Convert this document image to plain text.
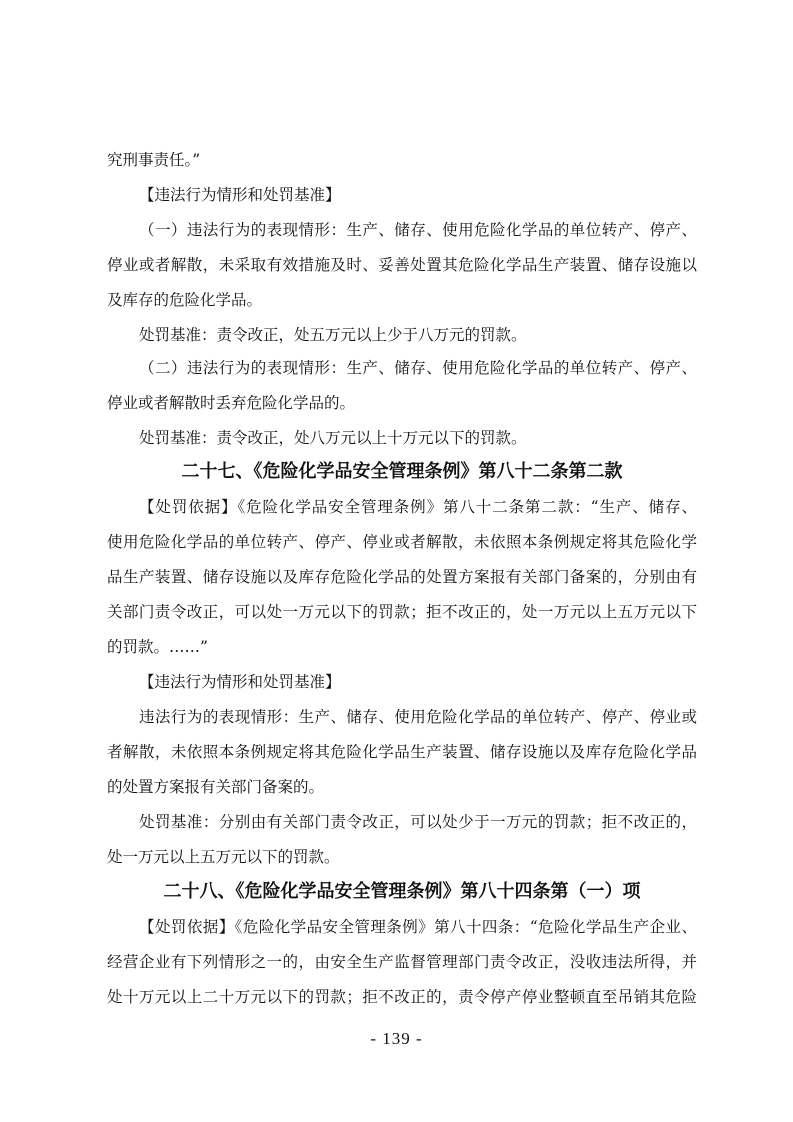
究刑事责任。”
【违法行为情形和处罚基准】
（一）违法行为的表现情形：生产、储存、使用危险化学品的单位转产、停产、
停业或者解散，未采取有效措施及时、妥善处置其危险化学品生产装置、储存设施以
及库存的危险化学品。
处罚基准：责令改正，处五万元以上少于八万元的罚款。
（二）违法行为的表现情形：生产、储存、使用危险化学品的单位转产、停产、
停业或者解散时丢弃危险化学品的。
处罚基准：责令改正，处八万元以上十万元以下的罚款。
二十七、《危险化学品安全管理条例》第八十二条第二款
【处罚依据】《危险化学品安全管理条例》第八十二条第二款：“生产、储存、
使用危险化学品的单位转产、停产、停业或者解散，未依照本条例规定将其危险化学
品生产装置、储存设施以及库存危险化学品的处置方案报有关部门备案的，分别由有
关部门责令改正，可以处一万元以下的罚款；拒不改正的，处一万元以上五万元以下
的罚款。……”
【违法行为情形和处罚基准】
违法行为的表现情形：生产、储存、使用危险化学品的单位转产、停产、停业或
者解散，未依照本条例规定将其危险化学品生产装置、储存设施以及库存危险化学品
的处置方案报有关部门备案的。
处罚基准：分别由有关部门责令改正，可以处少于一万元的罚款；拒不改正的，
处一万元以上五万元以下的罚款。
二十八、《危险化学品安全管理条例》第八十四条第（一）项
【处罚依据】《危险化学品安全管理条例》第八十四条：“危险化学品生产企业、
经营企业有下列情形之一的，由安全生产监督管理部门责令改正，没收违法所得，并
处十万元以上二十万元以下的罚款；拒不改正的，责令停产停业整顿直至吊销其危险
- 139 -
